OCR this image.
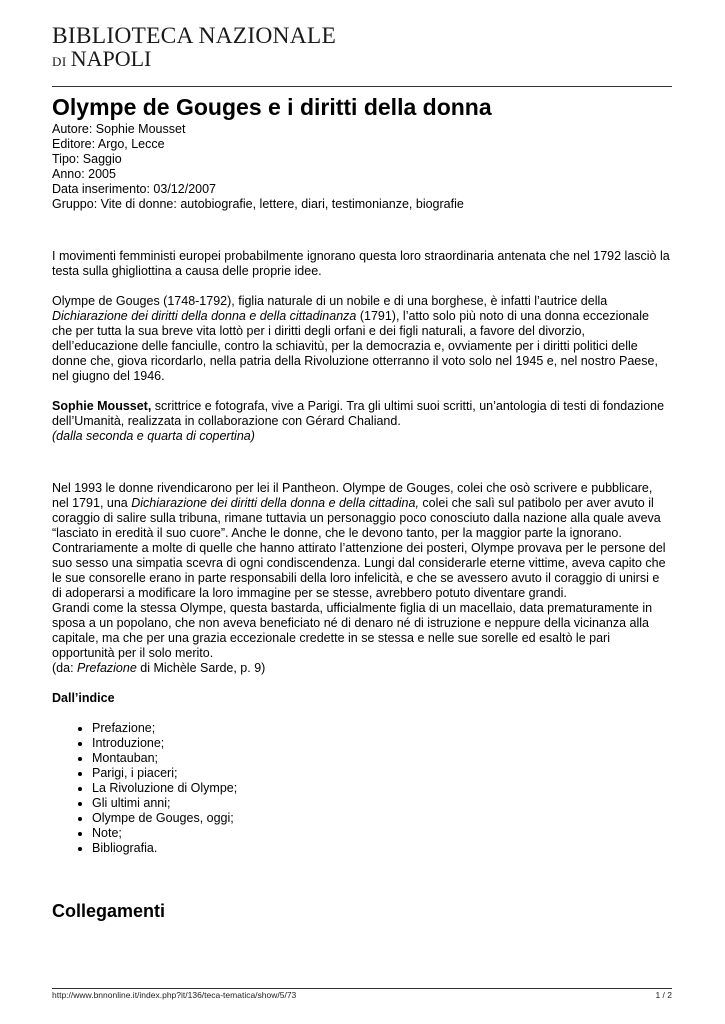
BIBLIOTECA NAZIONALE
DI NAPOLI
Olympe de Gouges e i diritti della donna
Autore: Sophie Mousset
Editore: Argo, Lecce
Tipo: Saggio
Anno: 2005
Data inserimento: 03/12/2007
Gruppo: Vite di donne: autobiografie, lettere, diari, testimonianze, biografie

I movimenti femministi europei probabilmente ignorano questa loro straordinaria antenata che nel 1792 lasciò la testa sulla ghigliottina a causa delle proprie idee.

Olympe de Gouges (1748-1792), figlia naturale di un nobile e di una borghese, è infatti l’autrice della Dichiarazione dei diritti della donna e della cittadinanza (1791), l’atto solo più noto di una donna eccezionale che per tutta la sua breve vita lottò per i diritti degli orfani e dei figli naturali, a favore del divorzio, dell’educazione delle fanciulle, contro la schiavitù, per la democrazia e, ovviamente per i diritti politici delle donne che, giova ricordarlo, nella patria della Rivoluzione otterranno il voto solo nel 1945 e, nel nostro Paese, nel giugno del 1946.

Sophie Mousset, scrittrice e fotografa, vive a Parigi. Tra gli ultimi suoi scritti, un’antologia di testi di fondazione dell’Umanità, realizzata in collaborazione con Gérard Chaliand.
(dalla seconda e quarta di copertina)

Nel 1993 le donne rivendicarono per lei il Pantheon. Olympe de Gouges, colei che osò scrivere e pubblicare, nel 1791, una Dichiarazione dei diritti della donna e della cittadina, colei che salì sul patibolo per aver avuto il coraggio di salire sulla tribuna, rimane tuttavia un personaggio poco conosciuto dalla nazione alla quale aveva “lasciato in eredità il suo cuore”. Anche le donne, che le devono tanto, per la maggior parte la ignorano.
Contrariamente a molte di quelle che hanno attirato l’attenzione dei posteri, Olympe provava per le persone del suo sesso una simpatia scevra di ogni condiscendenza. Lungi dal considerarle eterne vittime, aveva capito che le sue consorelle erano in parte responsabili della loro infelicità, e che se avessero avuto il coraggio di unirsi e di adoperarsi a modificare la loro immagine per se stesse, avrebbero potuto diventare grandi.
Grandi come la stessa Olympe, questa bastarda, ufficialmente figlia di un macellaio, data prematuramente in sposa a un popolano, che non aveva beneficiato né di denaro né di istruzione e neppure della vicinanza alla capitale, ma che per una grazia eccezionale credette in se stessa e nelle sue sorelle ed esaltò le pari opportunità per il solo merito.
(da: Prefazione di Michèle Sarde, p. 9)

Dall’indice

• Prefazione;
• Introduzione;
• Montauban;
• Parigi, i piaceri;
• La Rivoluzione di Olympe;
• Gli ultimi anni;
• Olympe de Gouges, oggi;
• Note;
• Bibliografia.
Collegamenti
http://www.bnnonline.it/index.php?it/136/teca-tematica/show/5/73	1 / 2
